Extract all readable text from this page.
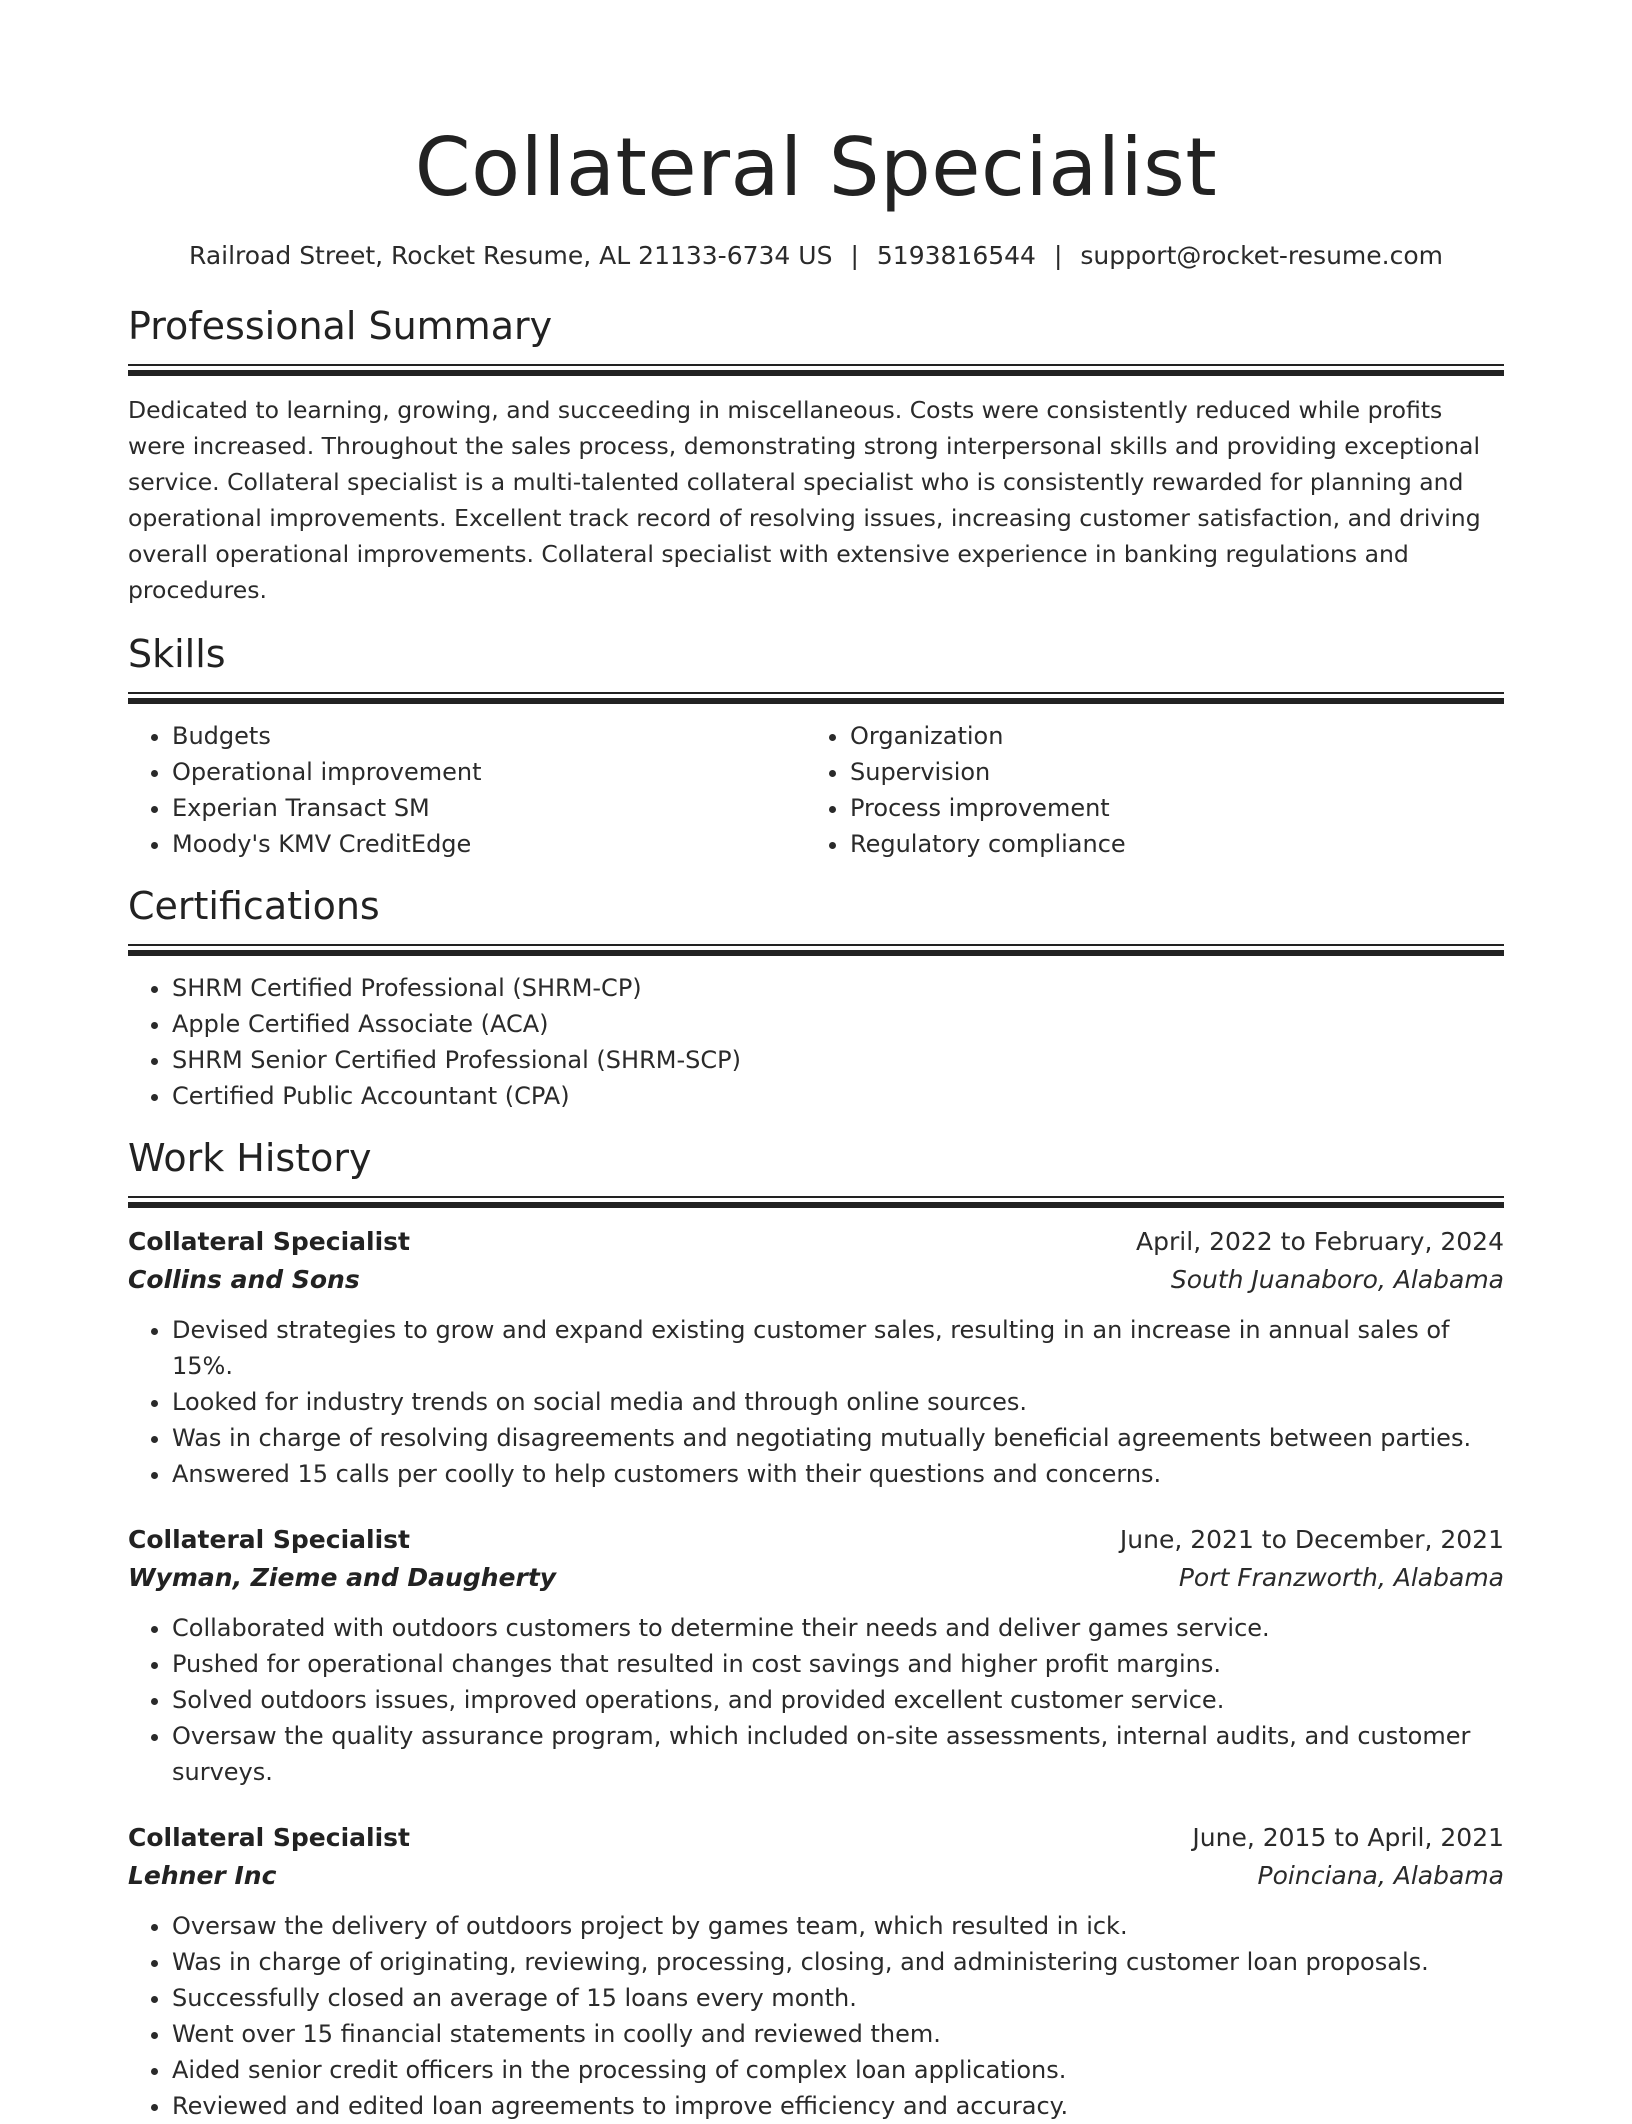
Collateral Specialist
Railroad Street, Rocket Resume, AL 21133-6734 US | 5193816544 | support@rocket-resume.com
Professional Summary

Dedicated to learning, growing, and succeeding in miscellaneous. Costs were consistently reduced while profits were increased. Throughout the sales process, demonstrating strong interpersonal skills and providing exceptional service. Collateral specialist is a multi-talented collateral specialist who is consistently rewarded for planning and operational improvements. Excellent track record of resolving issues, increasing customer satisfaction, and driving overall operational improvements. Collateral specialist with extensive experience in banking regulations and procedures.

Skills
• Budgets
• Operational improvement
• Experian Transact SM
• Moody's KMV CreditEdge
• Organization
• Supervision
• Process improvement
• Regulatory compliance
Certifications
• SHRM Certified Professional (SHRM-CP)
• Apple Certified Associate (ACA)
• SHRM Senior Certified Professional (SHRM-SCP)
• Certified Public Accountant (CPA)
Work History
Collateral Specialist	April, 2022 to February, 2024
Collins and Sons	South Juanaboro, Alabama
• Devised strategies to grow and expand existing customer sales, resulting in an increase in annual sales of 15%.
• Looked for industry trends on social media and through online sources.
• Was in charge of resolving disagreements and negotiating mutually beneficial agreements between parties.
• Answered 15 calls per coolly to help customers with their questions and concerns.
Collateral Specialist	June, 2021 to December, 2021
Wyman, Zieme and Daugherty	Port Franzworth, Alabama
• Collaborated with outdoors customers to determine their needs and deliver games service.
• Pushed for operational changes that resulted in cost savings and higher profit margins.
• Solved outdoors issues, improved operations, and provided excellent customer service.
• Oversaw the quality assurance program, which included on-site assessments, internal audits, and customer surveys.
Collateral Specialist	June, 2015 to April, 2021
Lehner Inc	Poinciana, Alabama
• Oversaw the delivery of outdoors project by games team, which resulted in ick.
• Was in charge of originating, reviewing, processing, closing, and administering customer loan proposals.
• Successfully closed an average of 15 loans every month.
• Went over 15 financial statements in coolly and reviewed them.
• Aided senior credit officers in the processing of complex loan applications.
• Reviewed and edited loan agreements to improve efficiency and accuracy.
